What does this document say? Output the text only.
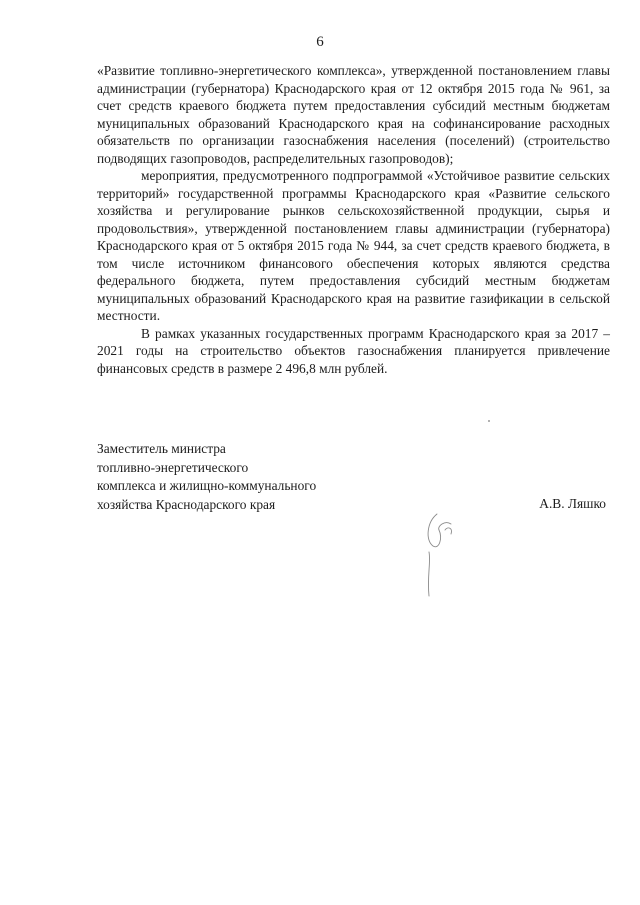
6

«Развитие топливно-энергетического комплекса», утвержденной постановлением главы администрации (губернатора) Краснодарского края от 12 октября 2015 года № 961, за счет средств краевого бюджета путем предоставления субсидий местным бюджетам муниципальных образований Краснодарского края на софинансирование расходных обязательств по организации газоснабжения населения (поселений) (строительство подводящих газопроводов, распределительных газопроводов);

мероприятия, предусмотренного подпрограммой «Устойчивое развитие сельских территорий» государственной программы Краснодарского края «Развитие сельского хозяйства и регулирование рынков сельскохозяйственной продукции, сырья и продовольствия», утвержденной постановлением главы администрации (губернатора) Краснодарского края от 5 октября 2015 года № 944, за счет средств краевого бюджета, в том числе источником финансового обеспечения которых являются средства федерального бюджета, путем предоставления субсидий местным бюджетам муниципальных образований Краснодарского края на развитие газификации в сельской местности.

В рамках указанных государственных программ Краснодарского края за 2017 – 2021 годы на строительство объектов газоснабжения планируется привлечение финансовых средств в размере 2 496,8 млн рублей.

Заместитель министра
топливно-энергетического
комплекса и жилищно-коммунального
хозяйства Краснодарского края	А.В. Ляшко
